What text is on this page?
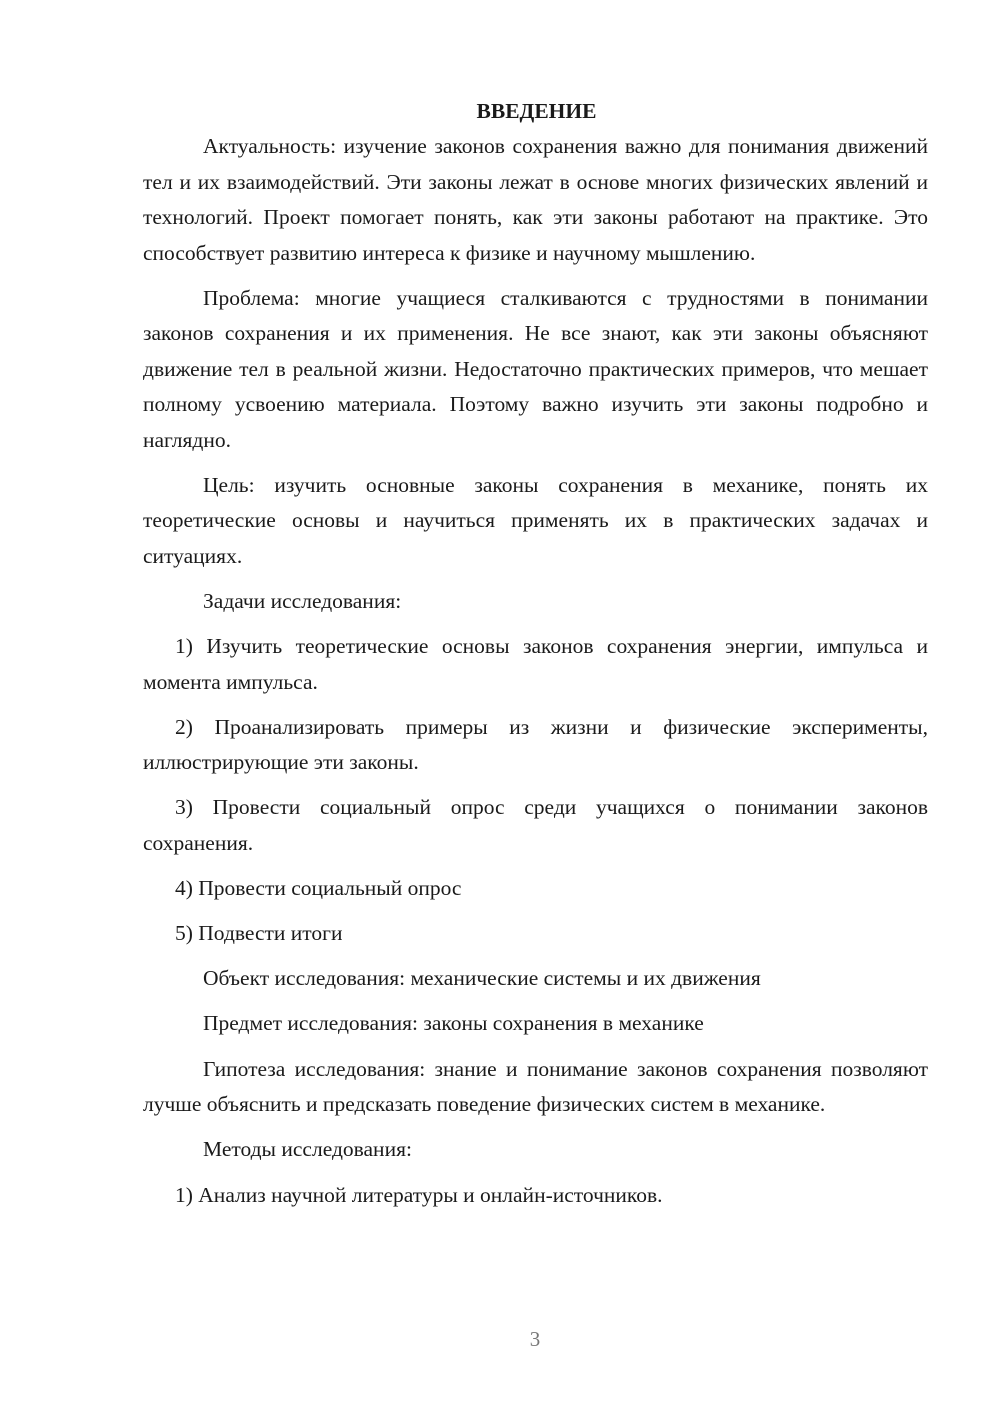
ВВЕДЕНИЕ

Актуальность: изучение законов сохранения важно для понимания движений тел и их взаимодействий. Эти законы лежат в основе многих физических явлений и технологий. Проект помогает понять, как эти законы работают на практике. Это способствует развитию интереса к физике и научному мышлению.

Проблема: многие учащиеся сталкиваются с трудностями в понимании законов сохранения и их применения. Не все знают, как эти законы объясняют движение тел в реальной жизни. Недостаточно практических примеров, что мешает полному усвоению материала. Поэтому важно изучить эти законы подробно и наглядно.

Цель: изучить основные законы сохранения в механике, понять их теоретические основы и научиться применять их в практических задачах и ситуациях.

Задачи исследования:

1) Изучить теоретические основы законов сохранения энергии, импульса и момента импульса.

2) Проанализировать примеры из жизни и физические эксперименты, иллюстрирующие эти законы.

3) Провести социальный опрос среди учащихся о понимании законов сохранения.

4) Провести социальный опрос

5) Подвести итоги

Объект исследования: механические системы и их движения

Предмет исследования: законы сохранения в механике

Гипотеза исследования: знание и понимание законов сохранения позволяют лучше объяснить и предсказать поведение физических систем в механике.

Методы исследования:

1) Анализ научной литературы и онлайн-источников.

3
